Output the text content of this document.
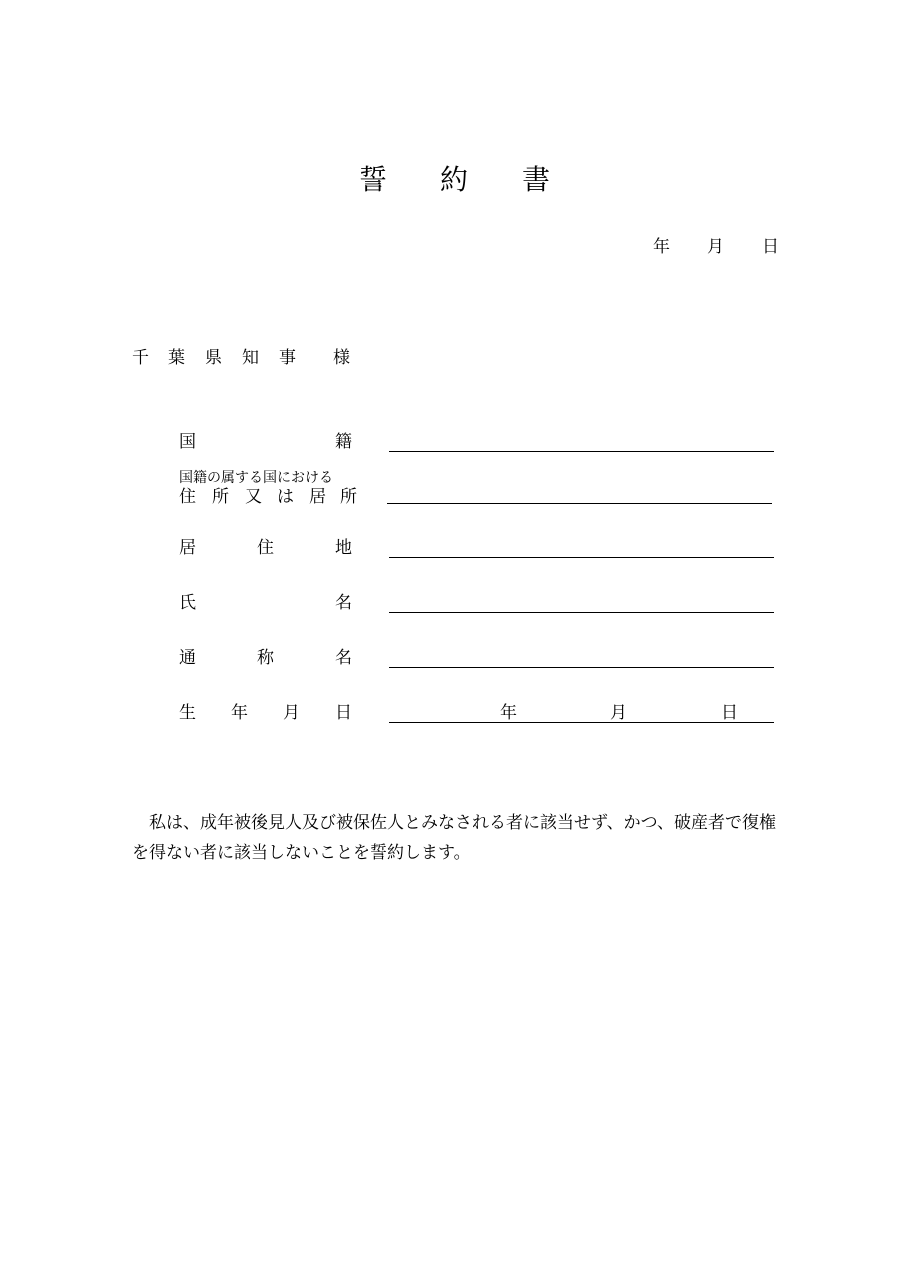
誓 約 書
年 月 日
千 葉 県 知 事 様
国	籍
国籍の属する国における
住 所 又 は 居 所
居	住	地
氏	名
通	称	名
生 年 月 日	年	月	日
私は、成年被後見人及び被保佐人とみなされる者に該当せず、かつ、破産者で復権を得ない者に該当しないことを誓約します。
